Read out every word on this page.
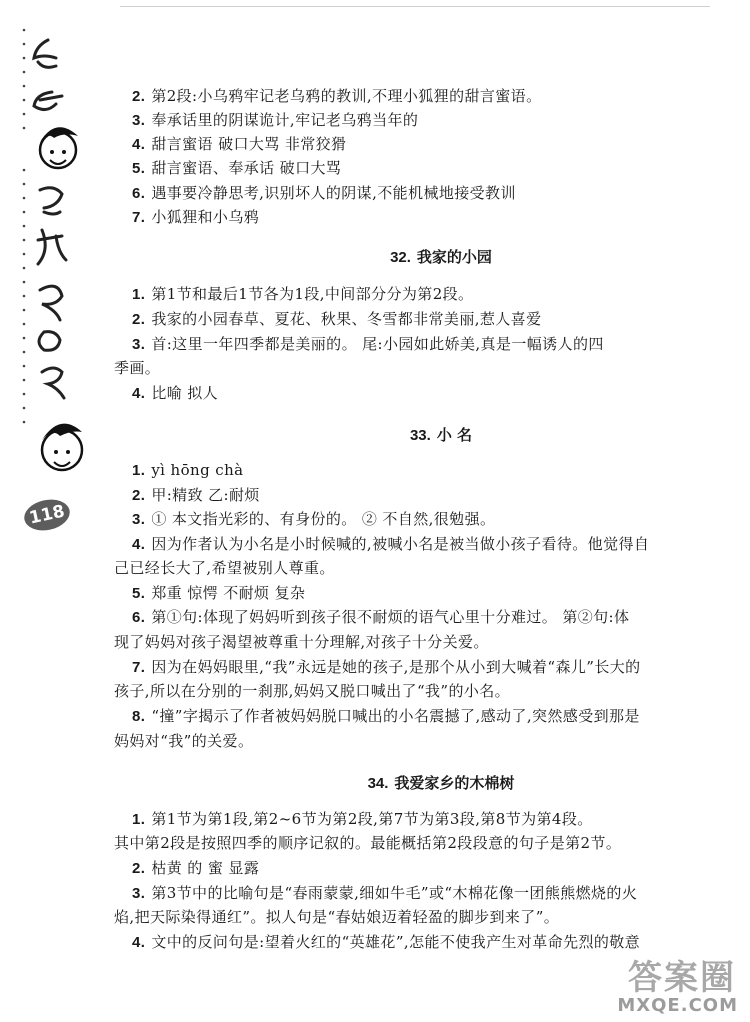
118
2. 第2段:小乌鸦牢记老乌鸦的教训,不理小狐狸的甜言蜜语。
3. 奉承话里的阴谋诡计,牢记老乌鸦当年的
4. 甜言蜜语 破口大骂 非常狡猾
5. 甜言蜜语、奉承话 破口大骂
6. 遇事要冷静思考,识别坏人的阴谋,不能机械地接受教训
7. 小狐狸和小乌鸦
32. 我家的小园
1. 第1节和最后1节各为1段,中间部分分为第2段。
2. 我家的小园春草、夏花、秋果、冬雪都非常美丽,惹人喜爱
3. 首:这里一年四季都是美丽的。 尾:小园如此娇美,真是一幅诱人的四
季画。
4. 比喻 拟人
33. 小 名
1. yì hōng chà
2. 甲:精致 乙:耐烦
3. ① 本文指光彩的、有身份的。 ② 不自然,很勉强。
4. 因为作者认为小名是小时候喊的,被喊小名是被当做小孩子看待。他觉得自
己已经长大了,希望被别人尊重。
5. 郑重 惊愕 不耐烦 复杂
6. 第①句:体现了妈妈听到孩子很不耐烦的语气心里十分难过。 第②句:体
现了妈妈对孩子渴望被尊重十分理解,对孩子十分关爱。
7. 因为在妈妈眼里,“我”永远是她的孩子,是那个从小到大喊着“森儿”长大的
孩子,所以在分别的一刹那,妈妈又脱口喊出了“我”的小名。
8. “撞”字揭示了作者被妈妈脱口喊出的小名震撼了,感动了,突然感受到那是
妈妈对“我”的关爱。
34. 我爱家乡的木棉树
1. 第1节为第1段,第2~6节为第2段,第7节为第3段,第8节为第4段。
其中第2段是按照四季的顺序记叙的。最能概括第2段段意的句子是第2节。
2. 枯黄 的 蜜 显露
3. 第3节中的比喻句是“春雨蒙蒙,细如牛毛”或“木棉花像一团熊熊燃烧的火
焰,把天际染得通红”。拟人句是“春姑娘迈着轻盈的脚步到来了”。
4. 文中的反问句是:望着火红的“英雄花”,怎能不使我产生对革命先烈的敬意
答案圈
MXQE.COM
